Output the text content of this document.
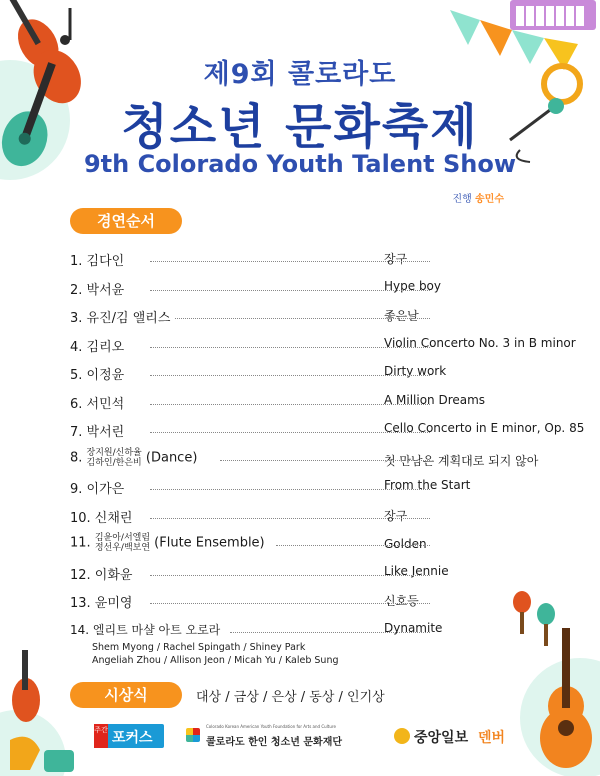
제9회 콜로라도
청소년 문화축제
9th Colorado Youth Talent Show
진행 송민수
경연순서
1. 김다인	장구
2. 박서윤	Hype boy
3. 유진/김 앨리스	좋은날
4. 김리오	Violin Concerto No. 3 in B minor
5. 이정윤	Dirty work
6. 서민석	A Million Dreams
7. 박서린	Cello Concerto in E minor, Op. 85
8. 장지원/신하율
김하인/한은비 (Dance)	첫 만남은 계획대로 되지 않아
9. 이가은	From the Start
10. 신채린	장구
11. 김윤아/서엘림
정선우/백보연 (Flute Ensemble)	Golden
12. 이화윤	Like Jennie
13. 윤미영	신호등
14. 엘리트 마샬 아트 오로라	Dynamite
Shem Myong / Rachel Spingath / Shiney Park
Angeliah Zhou / Allison Jeon / Micah Yu / Kaleb Sung
시상식	대상 / 금상 / 은상 / 동상 / 인기상
주간 포커스
Colorado Korean American Youth Foundation for Arts and Culture
콜로라도 한인 청소년 문화재단	중앙일보 덴버
